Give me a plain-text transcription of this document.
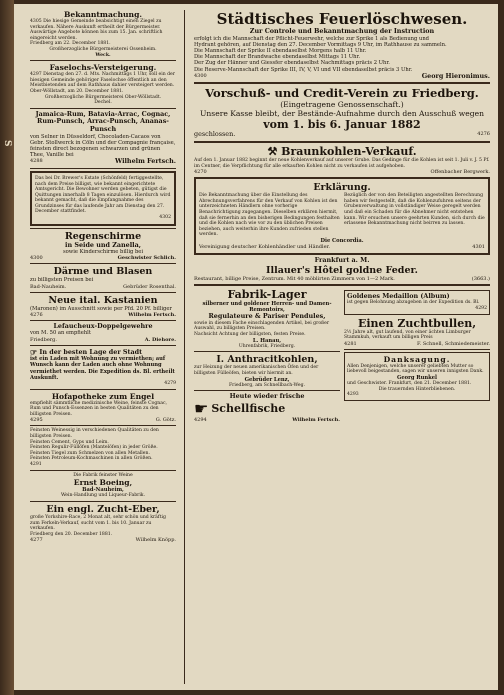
S
Bekanntmachung.
4305 Die hiesige Gemeinde beabsichtigt einen Ziegel zu verkaufen. Nähere Auskunft ertheilt der Bürgermeister. Auswärtige Angebote können bis zum 15. Jan. schriftlich eingereicht werden.
Friedberg am 22. December 1881.
Großherzogliche Bürgermeisterei Ossenheim.
Weck.
Faselochs-Versteigerung.
4297 Dienstag den 27. d. Mts. Nachmittags 1 Uhr, soll ein der hiesigen Gemeinde gehöriger Faselochse öffentlich an den Meistbietenden auf dem Rathhaus dahier versteigert werden.
Ober-Wöllstadt, am 20. December 1881.
Großherzogliche Bürgermeisterei Ober-Wöllstadt.
Dechel.
Jamaica-Rum, Batavia-Arrac, Cognac, Rum-Punsch, Arrac-Punsch, Ananas-Punsch
von Selner in Düsseldorf, Chocoladen-Cacaos von Gebr. Stollwerck in Cöln und der Compagnie française, feinsten direct bezogenen schwarzen und grünen Thee, Vanille bei
4288	Wilhelm Fertsch.
Das bei Dr. Brewer's Estate (Schönfeld) fertiggestellte, nach dem Preise billigst, wie bekannt eingerichtete Amtsgericht. Die Bewohner werden gebeten, gütigst die Quittungen innerhalb 8 Tagen einzulösen. Hierdurch wird bekannt gemacht, daß die Empfangnahme des Grundzinses für das laufende Jahr am Dienstag den 27. December stattfindet.
4302
Regenschirme
in Seide und Zanella,
sowie Kinderschirme billig bei
4300	Geschwister Schlich.
Därme und Blasen
zu billigsten Preisen bei
Bad-Nauheim.	Gebrüder Rosenthal.
Neue ital. Kastanien
(Maronen) im Ausschnitt sowie per Pfd. 20 Pf. billiger
4276	Wilhelm Fertsch.
Lefaucheux-Doppelgewehre
von M. 50 an empfiehlt
Friedberg.	A. Diehore.
☞ In der besten Lage der Stadt
ist ein Laden mit Wohnung zu vermiethen; auf Wunsch kann der Laden auch ohne Wohnung vermiethet werden. Die Expedition ds. Bl. ertheilt Auskunft.
4279
Hofapotheke zum Engel
empfiehlt sämmtliche medizinische Weine, feinste Cognac, Rum und Punsch-Essenzen in besten Qualitäten zu den billigsten Preisen.
4295	G. Götz.
Feinsten Weinessig in verschiedenen Qualitäten zu den billigsten Preisen.
Feinsten Cement, Gyps und Leim.
Feinsten Regulir-Füllöfen (Mantelöfen) in jeder Größe.
Feinsten Tiegel zum Schmelzen von allen Metallen.
Feinsten Petroleum-Kochmaschinen in allen Größen.
4291
Die Fabrik feinster Weine
Ernst Boeing,
Bad-Nauheim,
Wein-Handlung und Liqueur-Fabrik.
Ein engl. Zucht-Eber,
große Yorkshire-Race, 2 Monat alt, sehr schön und kräftig zum Ferkeln-Verkauf, sucht vom 1. bis 10. Januar zu verkaufen.
Friedberg den 20. December 1881.
4277	Wilhelm Knöpp.
Städtisches Feuerlöschwesen.
Zur Controle und Bekanntmachung der Instruction
erfolgt ich die Mannschaft der Pflicht-Feuerwehr, welche zur Sprike 1 als Bedienung und
Hydrant gehören, auf Dienstag den 27. December Vormittags 9 Uhr, im Rathhause zu sammeln.
Die Mannschaft der Sprike II ebendaselbst Morgens halb 11 Uhr.
Die Mannschaft der Brandwache ebendaselbst Mittags 11 Uhr.
Der Zug der Hänner und Giessfer ebendaselbst Nachmittags präcis 2 Uhr.
Die Reserve-Mannschaft der Sprike III, IV, V, VI und VII ebendaselbst präcis 3 Uhr.
4300	Georg Hieronimus.
Vorschuß- und Credit-Verein zu Friedberg.
(Eingetragene Genossenschaft.)
Unsere Kasse bleibt, der Bestände-Aufnahme durch den Ausschuß wegen
vom 1. bis 6. Januar 1882
geschlossen.	4276
⚒ Braunkohlen-Verkauf.
Auf den 1. Januar 1882 beginnt der neue Kohlenverkauf auf unserer Grube. Das Gedinge für die Kohlen ist seit 1. Juli v. J. 5 Pf. im Centner, die Verpflichtung für alle erkauften Kohlen nicht zu verkaufen ist aufgehoben.
4270	Offenbacher Bergwerk.
Erklärung.
Die Bekanntmachung über die Einstellung des Abrechnungsverfahrens für den Verkauf von Kohlen ist den unterzeichneten Händlern ohne vorherige Benachrichtigung zugegangen. Dieselben erklären hiermit, daß sie fernerhin an den bisherigen Bedingungen festhalten und die Kohlen nach wie vor zu den üblichen Preisen beziehen, auch weiterhin ihre Kunden zufrieden stellen werden.
Bezüglich der von den Beteiligten angestellten Berechnung haben wir festgestellt, daß die Kohlenzufuhren seitens der Grubenverwaltung in vollständiger Weise geregelt werden und daß ein Schaden für die Abnehmer nicht entstehen kann. Wir ersuchen unsere geehrten Kunden, sich durch die erlassene Bekanntmachung nicht beirren zu lassen.
Die Concordia.
Vereinigung deutscher Kohlenhändler und Händler.	4301
Frankfurt a. M.
Illauer's Hôtel goldne Feder.
Restaurant, billige Preise, Zentrum. Mit 40 möblirten Zimmern von 1—2 Mark.	(3663.)
Fabrik-Lager
silberner und goldener Herren- und Damen-Remontoirs,
Regulateure & Pariser Pendules,
sowie in diesem Fache einschlagenden Artikel, bei großer Auswahl, zu billigsten Preisen.
Nachsicht Achtung der billigsten, festen Preise.
L. Hanau,
Uhrenfabrik, Friedberg.
I. Anthracitkohlen,
zur Heizung der neuen amerikanischen Öfen und der billigsten Fülleöfen, bieten wir hiermit an.
Gebrüder Lenz,
Friedberg, am Schnellbach-Weg.
Heute wieder frische
☛ Schellfische
4294	Wilhelm Fertsch.
Goldenes Medaillon (Album)
ist gegen Belohnung abzugeben in der Expedition ds. Bl.
4292
Einen Zuchtbullen,
2½ Jahre alt, gut laufend, von einer ächten Limburger Stammkuh, verkauft um billigen Preis
4281	F. Schnell, Schmiedemeister.
Danksagung.
Allen Denjenigen, welche unserer geliebten Mutter so liebevoll beigestanden, sagen wir unseren innigsten Dank.
Georg Runkel
und Geschwister. Frankfurt, den 21. December 1881.
Die trauernden Hinterbliebenen.
4293
